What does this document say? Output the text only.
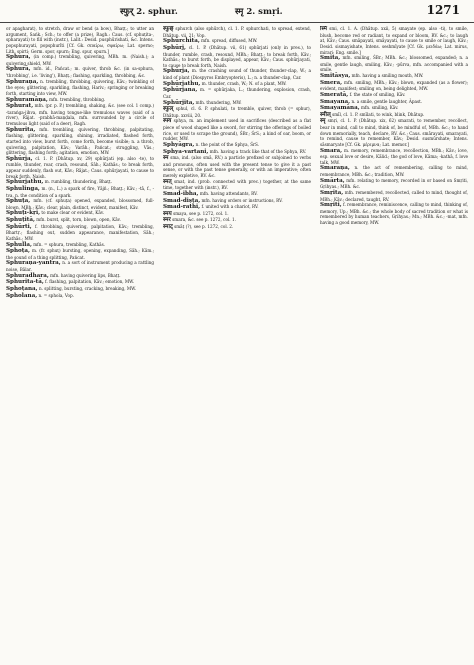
स्फुर् 2. sphur.	स्मृ 2. smṛi.	1271

or apagharat), to stretch, draw or bend (a bow), Bhaṭṭ.; to utter an argument, Saṅk.; Sch.; to offer (a prize), Ragh.: Caus. (cf. sphuṭita-, spharayati) to fill with (instr.), Lalit.: Desid. pusphūrishati, &c. Intens. popsphurayati, popsphurīti [Cf. Gk. σπαίρω, σφαίρω; Lat. sperno; Lith. spirti; Germ. spor, spurn; Eng. spur, spurn.]

Sphura, (in comp.) trembling, quivering, MBh. m. (Naish.); a quivering shield, MW.

Sphurā, mfn. id., Pañcat.; m. quiver, throb &c. (in sa-sphura, 'throbbing', i.e. 'living'), Bhaṭṭ.; flashing, sparkling, throbbing, &c.

Sphuraṇa, n. trembling, throbbing, quivering, Kāv.; twinkling of the eyes; glittering, sparkling, flashing, Hariv.; springing or breaking forth, starting into view, MW.

Sphuramāṇa, mfn. trembling, throbbing.

Sphurat, mfn. (pr. p. P.) trembling, shaking, &c. (see col. 1 comp.) -taraṅga-jihva, mfn. having tongue-like tremulous waves (said of a river), Rājat. -prabhā-maṇḍala, mfn. surrounded by a circle of tremulous light (said of a deer), Ragh.

Sphurita, mfn. trembling, quivering, throbbing, palpitating, flashing, glittering, sparkling, shining, irradiated, flashed forth, started into view, burst forth, come forth, become visible; n. a throb, quivering, palpitation, Kāv.; Varāh.; Pañcat.; struggling, Vās.; glittering, flashing forth; agitation, emotion, MW.

Sphūrja, cl. 1. P. (Dhātup. xv, 29) sphūrjati (ep. also -te), to rumble, thunder, roar, crash, resound, Sāh.; Kathās.; to break forth, appear suddenly, flash out, Kāv.; Rājat.; Caus. sphūrjayati, to cause to break forth, Naish.

Sphūrjathu, m. rumbling, thundering, Bhaṭṭ.

Sphulinga, m. (n., L.) a spark of fire, Yājñ.; Bhaṭṭ.; Kāv.; -tā, f., -tva, n. the condition of a spark.

Sphuṭa, mfn. (cf. sphuṭa) opened, expanded, blossomed, full-blown, MBh.; Kāv.; clear, plain, distinct, evident, manifest, Kāv.

Sphuṭī-kṛi, to make clear or evident, Kāv.

Sphuṭitā, mfn. burst, split, torn, blown, open, Kāv.

Sphūrti, f. throbbing, quivering, palpitation, Kāv.; trembling, Bhartṛ.; flashing out, sudden appearance, manifestation, Sāh.; Kathās.; MW.

Sphulla, mfn. = sphura, trembling, Kathās.

Sphoṭa, m. (fr. sphuṭ) bursting, opening, expanding, Sāh.; Kām.; the sound of a thing splitting, Pañcat.

Sphuraṇa-yantra, n. a sort of instrument producing a rattling noise, Bālar.

Sphuradhara, mfn. having quivering lips, Bhaṭṭ.

Sphurita-tā, f. flashing, palpitation, Kāv.; emotion, MW.

Sphoṭana, n. splitting, bursting, cracking, breaking, MW.

Spholana, n. = sphola, Vop.

स्फुर्छ् sphurch (also sphūrch), cl. 1. P. sphurchati, to spread, extend, Dhātup. vii, 21; Vop.

Sphūrchita, mfn. spread, diffused, MW.

Sphūrj, cl. 1. P. (Dhātup. vii, 61) sphūrjati (only in pres.), to thunder, rumble, crash, resound, MBh.; Bhaṭṭ.; to break forth, Kāv.; Kathās.; to burst forth, be displayed, appear, Kāv.; Caus. sphūrjayati, to cause to break forth, Naish.

Sphūrja, m. the crashing sound of thunder, thunder-clap, W.; a kind of plant (Diospyros Embryopteris), L.; n. a thunder-clap, Car.

Sphūrjathu, m. thunder, crash, W.; N. of a plant, MW.

Sphūrjana, m. = sphūrjaka, L.; thundering, explosion, crash, Car.

Sphūrjita, mfn. thundering, MW.

स्फुल् sphul, cl. 6. P. sphulati, to tremble, quiver, throb (= sphur), Dhātup. xxviii, 20.

स्फ्य sphya, m. an implement used in sacrifices (described as a flat piece of wood shaped like a sword, for stirring the offerings of boiled rice, or used to scrape the ground), ŚBr.; ŚrS.; a kind of oar, boom, or rudder, MW.

Sphyāgra, n. the point of the Sphya, ŚrS.

Sphya-vartani, mfn. having a track like that of the Sphya, RV.

स्म sma, ind. (also smā, RV.) a particle prefixed or subjoined to verbs and pronouns, often used with the present tense to give it a past sense, or with the past tense generally, or with an imperative; often merely expletive, RV. &c.

स्मत् smat, ind. (prob. connected with prec.) together, at the same time, together with (instr.), RV.

Smad-ibha, mfn. having attendants, RV.

Smad-diṣṭa, mfn. having orders or instructions, RV.

Smad-rathi, f. united with a chariot, RV.

स्मय smaya, see p. 1272, col. 1.

स्मर smara, &c. see p. 1272, col. 1.

स्माट् smāṭ (?), see p. 1272, col. 2.

स्मि smi, cl. 1. Ā. (Dhātup. xxii, 5) smayate (ep. also -ti), to smile, blush, become red or radiant, to expand or bloom, RV. &c.; to laugh at, Kāv.; Caus. smāpayati, smāyayati, to cause to smile or laugh, Kāv.; Desid. sismayishate, Intens. seshmīyate [Cf. Gk. μειδάω; Lat. mirus, mirari; Eng. smile.]

Smita, mfn. smiling, ŚBr.; MBh. &c.; blossomed, expanded; n. a smile, gentle laugh, smiling, Kāv.; -pūrva, mfn. accompanied with a smile.

Smitāsya, mfn. having a smiling mouth, MW.

Smera, mfn. smiling, MBh.; Kāv.; blown, expanded (as a flower); evident, manifest; smiling on, being delighted, MW.

Smeratā, f. the state of smiling, Kāv.

Smayana, n. a smile, gentle laughter, Āpast.

Smayamāna, mfn. smiling, Kāv.

स्मील् smīl, cl. 1. P. smīlati, to wink, blink, Dhātup.

स्मृ smṛi, cl. 1. P. (Dhātup. xix, 62) smarati, to remember, recollect, bear in mind, call to mind, think of, be mindful of, MBh. &c.; to hand down memorially, teach, declare, RV. &c.; Caus. smārayati, smarayati, to remind, cause to remember, Kāv.; Desid. susmūrshate; Intens. sāsmaryate [Cf. Gk. μέριμνα; Lat. memor.]

Smara, m. memory, remembrance, recollection, MBh.; Kāv.; love, esp. sexual love or desire, Kālid.; the god of love, Kāma; -kathā, f. love talk, MW.

Smaraṇa, n. the act of remembering, calling to mind, remembrance, MBh. &c.; tradition, MW.

Smārta, mfn. relating to memory, recorded in or based on Smṛiti, Gṛihyas.; MBh. &c.

Smṛita, mfn. remembered, recollected, called to mind, thought of, MBh.; Kāv.; declared, taught, RV.

Smṛiti, f. remembrance, reminiscence, calling to mind, thinking of, memory, Up.; MBh. &c.; the whole body of sacred tradition or what is remembered by human teachers, Gṛihyas.; Mn.; MBh. &c.; -mat, mfn. having a good memory, MW.
